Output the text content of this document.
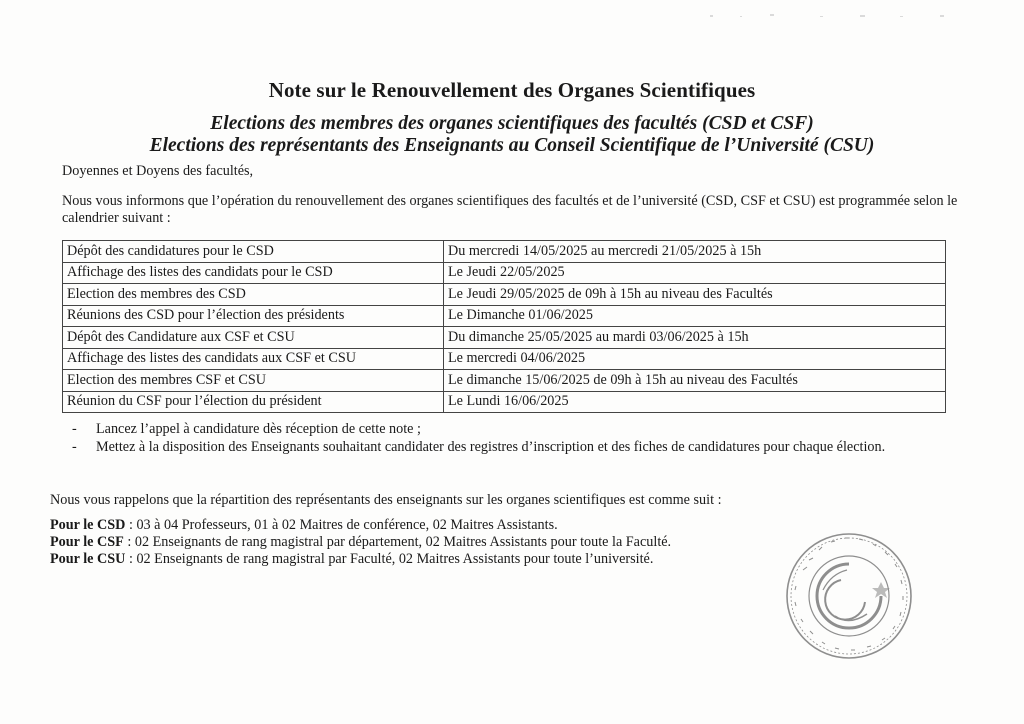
Note sur le Renouvellement des Organes Scientifiques
Elections des membres des organes scientifiques des facultés (CSD et CSF)
Elections des représentants des Enseignants au Conseil Scientifique de l’Université (CSU)
Doyennes et Doyens des facultés,
Nous vous informons que l’opération du renouvellement des organes scientifiques des facultés et de l’université (CSD, CSF et CSU) est programmée selon le calendrier suivant :
Dépôt des candidatures pour le CSD	Du mercredi 14/05/2025 au mercredi 21/05/2025 à 15h
Affichage des listes des candidats pour le CSD	Le Jeudi 22/05/2025
Election des membres des CSD	Le Jeudi 29/05/2025 de 09h à 15h au niveau des Facultés
Réunions des CSD pour l’élection des présidents	Le Dimanche 01/06/2025
Dépôt des Candidature aux CSF et CSU	Du dimanche 25/05/2025 au mardi 03/06/2025 à 15h
Affichage des listes des candidats aux CSF et CSU	Le mercredi 04/06/2025
Election des membres CSF et CSU	Le dimanche 15/06/2025 de 09h à 15h au niveau des Facultés
Réunion du CSF pour l’élection du président	Le Lundi 16/06/2025
- Lancez l’appel à candidature dès réception de cette note ;
- Mettez à la disposition des Enseignants souhaitant candidater des registres d’inscription et des fiches de candidatures pour chaque élection.
Nous vous rappelons que la répartition des représentants des enseignants sur les organes scientifiques est comme suit :
Pour le CSD : 03 à 04 Professeurs, 01 à 02 Maitres de conférence, 02 Maitres Assistants.
Pour le CSF : 02 Enseignants de rang magistral par département, 02 Maitres Assistants pour toute la Faculté.
Pour le CSU : 02 Enseignants de rang magistral par Faculté, 02 Maitres Assistants pour toute l’université.
